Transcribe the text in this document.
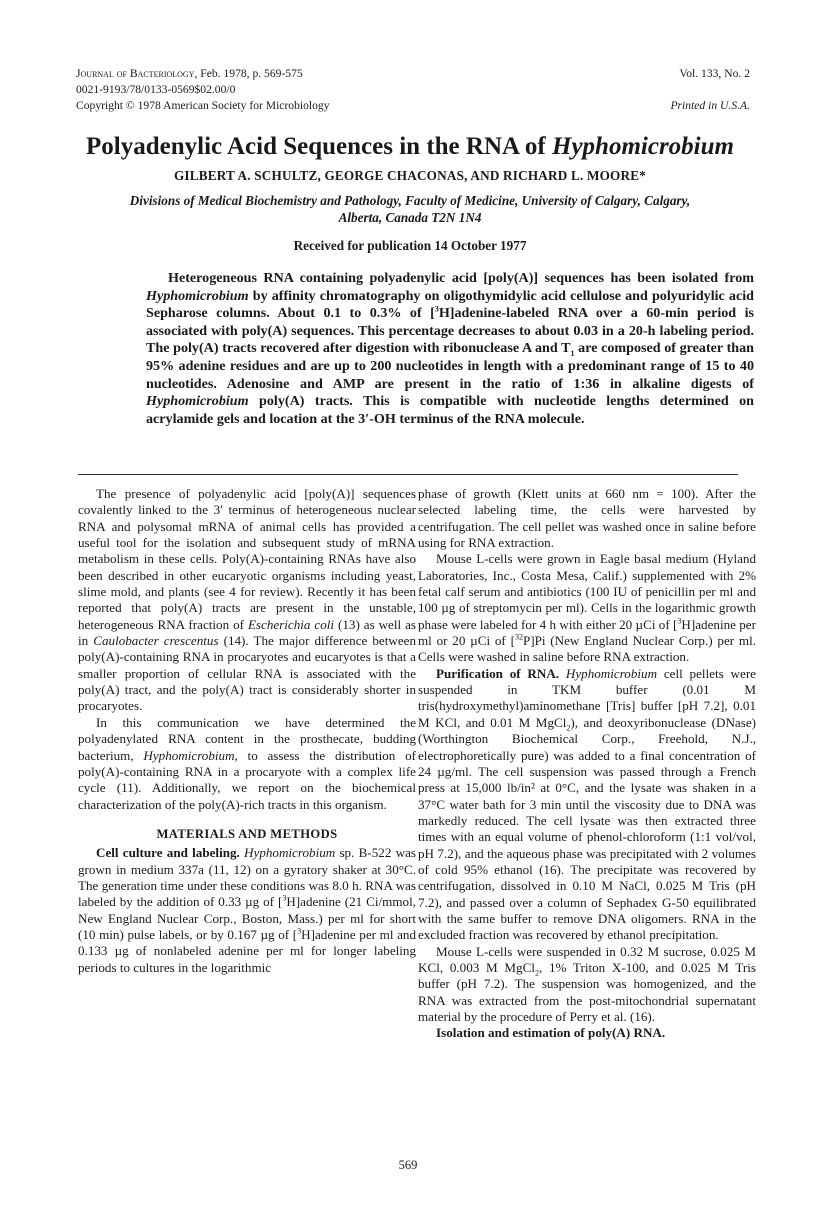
Journal of Bacteriology, Feb. 1978, p. 569-575
0021-9193/78/0133-0569$02.00/0
Copyright © 1978 American Society for Microbiology
Vol. 133, No. 2

Printed in U.S.A.
Polyadenylic Acid Sequences in the RNA of Hyphomicrobium
GILBERT A. SCHULTZ, GEORGE CHACONAS, AND RICHARD L. MOORE*
Divisions of Medical Biochemistry and Pathology, Faculty of Medicine, University of Calgary, Calgary,
Alberta, Canada T2N 1N4
Received for publication 14 October 1977
Heterogeneous RNA containing polyadenylic acid [poly(A)] sequences has been isolated from Hyphomicrobium by affinity chromatography on oligothymidylic acid cellulose and polyuridylic acid Sepharose columns. About 0.1 to 0.3% of [$^3$H]adenine-labeled RNA over a 60-min period is associated with poly(A) sequences. This percentage decreases to about 0.03 in a 20-h labeling period. The poly(A) tracts recovered after digestion with ribonuclease A and $T_1$ are composed of greater than 95% adenine residues and are up to 200 nucleotides in length with a predominant range of 15 to 40 nucleotides. Adenosine and AMP are present in the ratio of 1:36 in alkaline digests of Hyphomicrobium poly(A) tracts. This is compatible with nucleotide lengths determined on acrylamide gels and location at the 3′-OH terminus of the RNA molecule.

The presence of polyadenylic acid [poly(A)] sequences covalently linked to the 3′ terminus of heterogeneous nuclear RNA and polysomal mRNA of animal cells has provided a useful tool for the isolation and subsequent study of mRNA metabolism in these cells. Poly(A)-containing RNAs have also been described in other eucaryotic organisms including yeast, slime mold, and plants (see 4 for review). Recently it has been reported that poly(A) tracts are present in the unstable, heterogeneous RNA fraction of Escherichia coli (13) as well as in Caulobacter crescentus (14). The major difference between poly(A)-containing RNA in procaryotes and eucaryotes is that a smaller proportion of cellular RNA is associated with the poly(A) tract, and the poly(A) tract is considerably shorter in procaryotes.

In this communication we have determined the polyadenylated RNA content in the prosthecate, budding bacterium, Hyphomicrobium, to assess the distribution of poly(A)-containing RNA in a procaryote with a complex life cycle (11). Additionally, we report on the biochemical characterization of the poly(A)-rich tracts in this organism.

MATERIALS AND METHODS

Cell culture and labeling. Hyphomicrobium sp. B-522 was grown in medium 337a (11, 12) on a gyratory shaker at 30°C. The generation time under these conditions was 8.0 h. RNA was labeled by the addition of 0.33 µg of [$^3$H]adenine (21 Ci/mmol, New England Nuclear Corp., Boston, Mass.) per ml for short (10 min) pulse labels, or by 0.167 µg of [$^3$H]adenine per ml and 0.133 µg of nonlabeled adenine per ml for longer labeling periods to cultures in the logarithmic

phase of growth (Klett units at 660 nm = 100). After the selected labeling time, the cells were harvested by centrifugation. The cell pellet was washed once in saline before using for RNA extraction.

Mouse L-cells were grown in Eagle basal medium (Hyland Laboratories, Inc., Costa Mesa, Calif.) supplemented with 2% fetal calf serum and antibiotics (100 IU of penicillin per ml and 100 µg of streptomycin per ml). Cells in the logarithmic growth phase were labeled for 4 h with either 20 µCi of [$^3$H]adenine per ml or 20 µCi of [$^{32}$P]Pi (New England Nuclear Corp.) per ml. Cells were washed in saline before RNA extraction.

Purification of RNA. Hyphomicrobium cell pellets were suspended in TKM buffer (0.01 M tris(hydroxymethyl)aminomethane [Tris] buffer [pH 7.2], 0.01 M KCl, and 0.01 M MgCl$_2$), and deoxyribonuclease (DNase) (Worthington Biochemical Corp., Freehold, N.J., electrophoretically pure) was added to a final concentration of 24 µg/ml. The cell suspension was passed through a French press at 15,000 lb/in² at 0°C, and the lysate was shaken in a 37°C water bath for 3 min until the viscosity due to DNA was markedly reduced. The cell lysate was then extracted three times with an equal volume of phenol-chloroform (1:1 vol/vol, pH 7.2), and the aqueous phase was precipitated with 2 volumes of cold 95% ethanol (16). The precipitate was recovered by centrifugation, dissolved in 0.10 M NaCl, 0.025 M Tris (pH 7.2), and passed over a column of Sephadex G-50 equilibrated with the same buffer to remove DNA oligomers. RNA in the excluded fraction was recovered by ethanol precipitation.

Mouse L-cells were suspended in 0.32 M sucrose, 0.025 M KCl, 0.003 M MgCl$_2$, 1% Triton X-100, and 0.025 M Tris buffer (pH 7.2). The suspension was homogenized, and the RNA was extracted from the post-mitochondrial supernatant material by the procedure of Perry et al. (16).

Isolation and estimation of poly(A) RNA.

569
